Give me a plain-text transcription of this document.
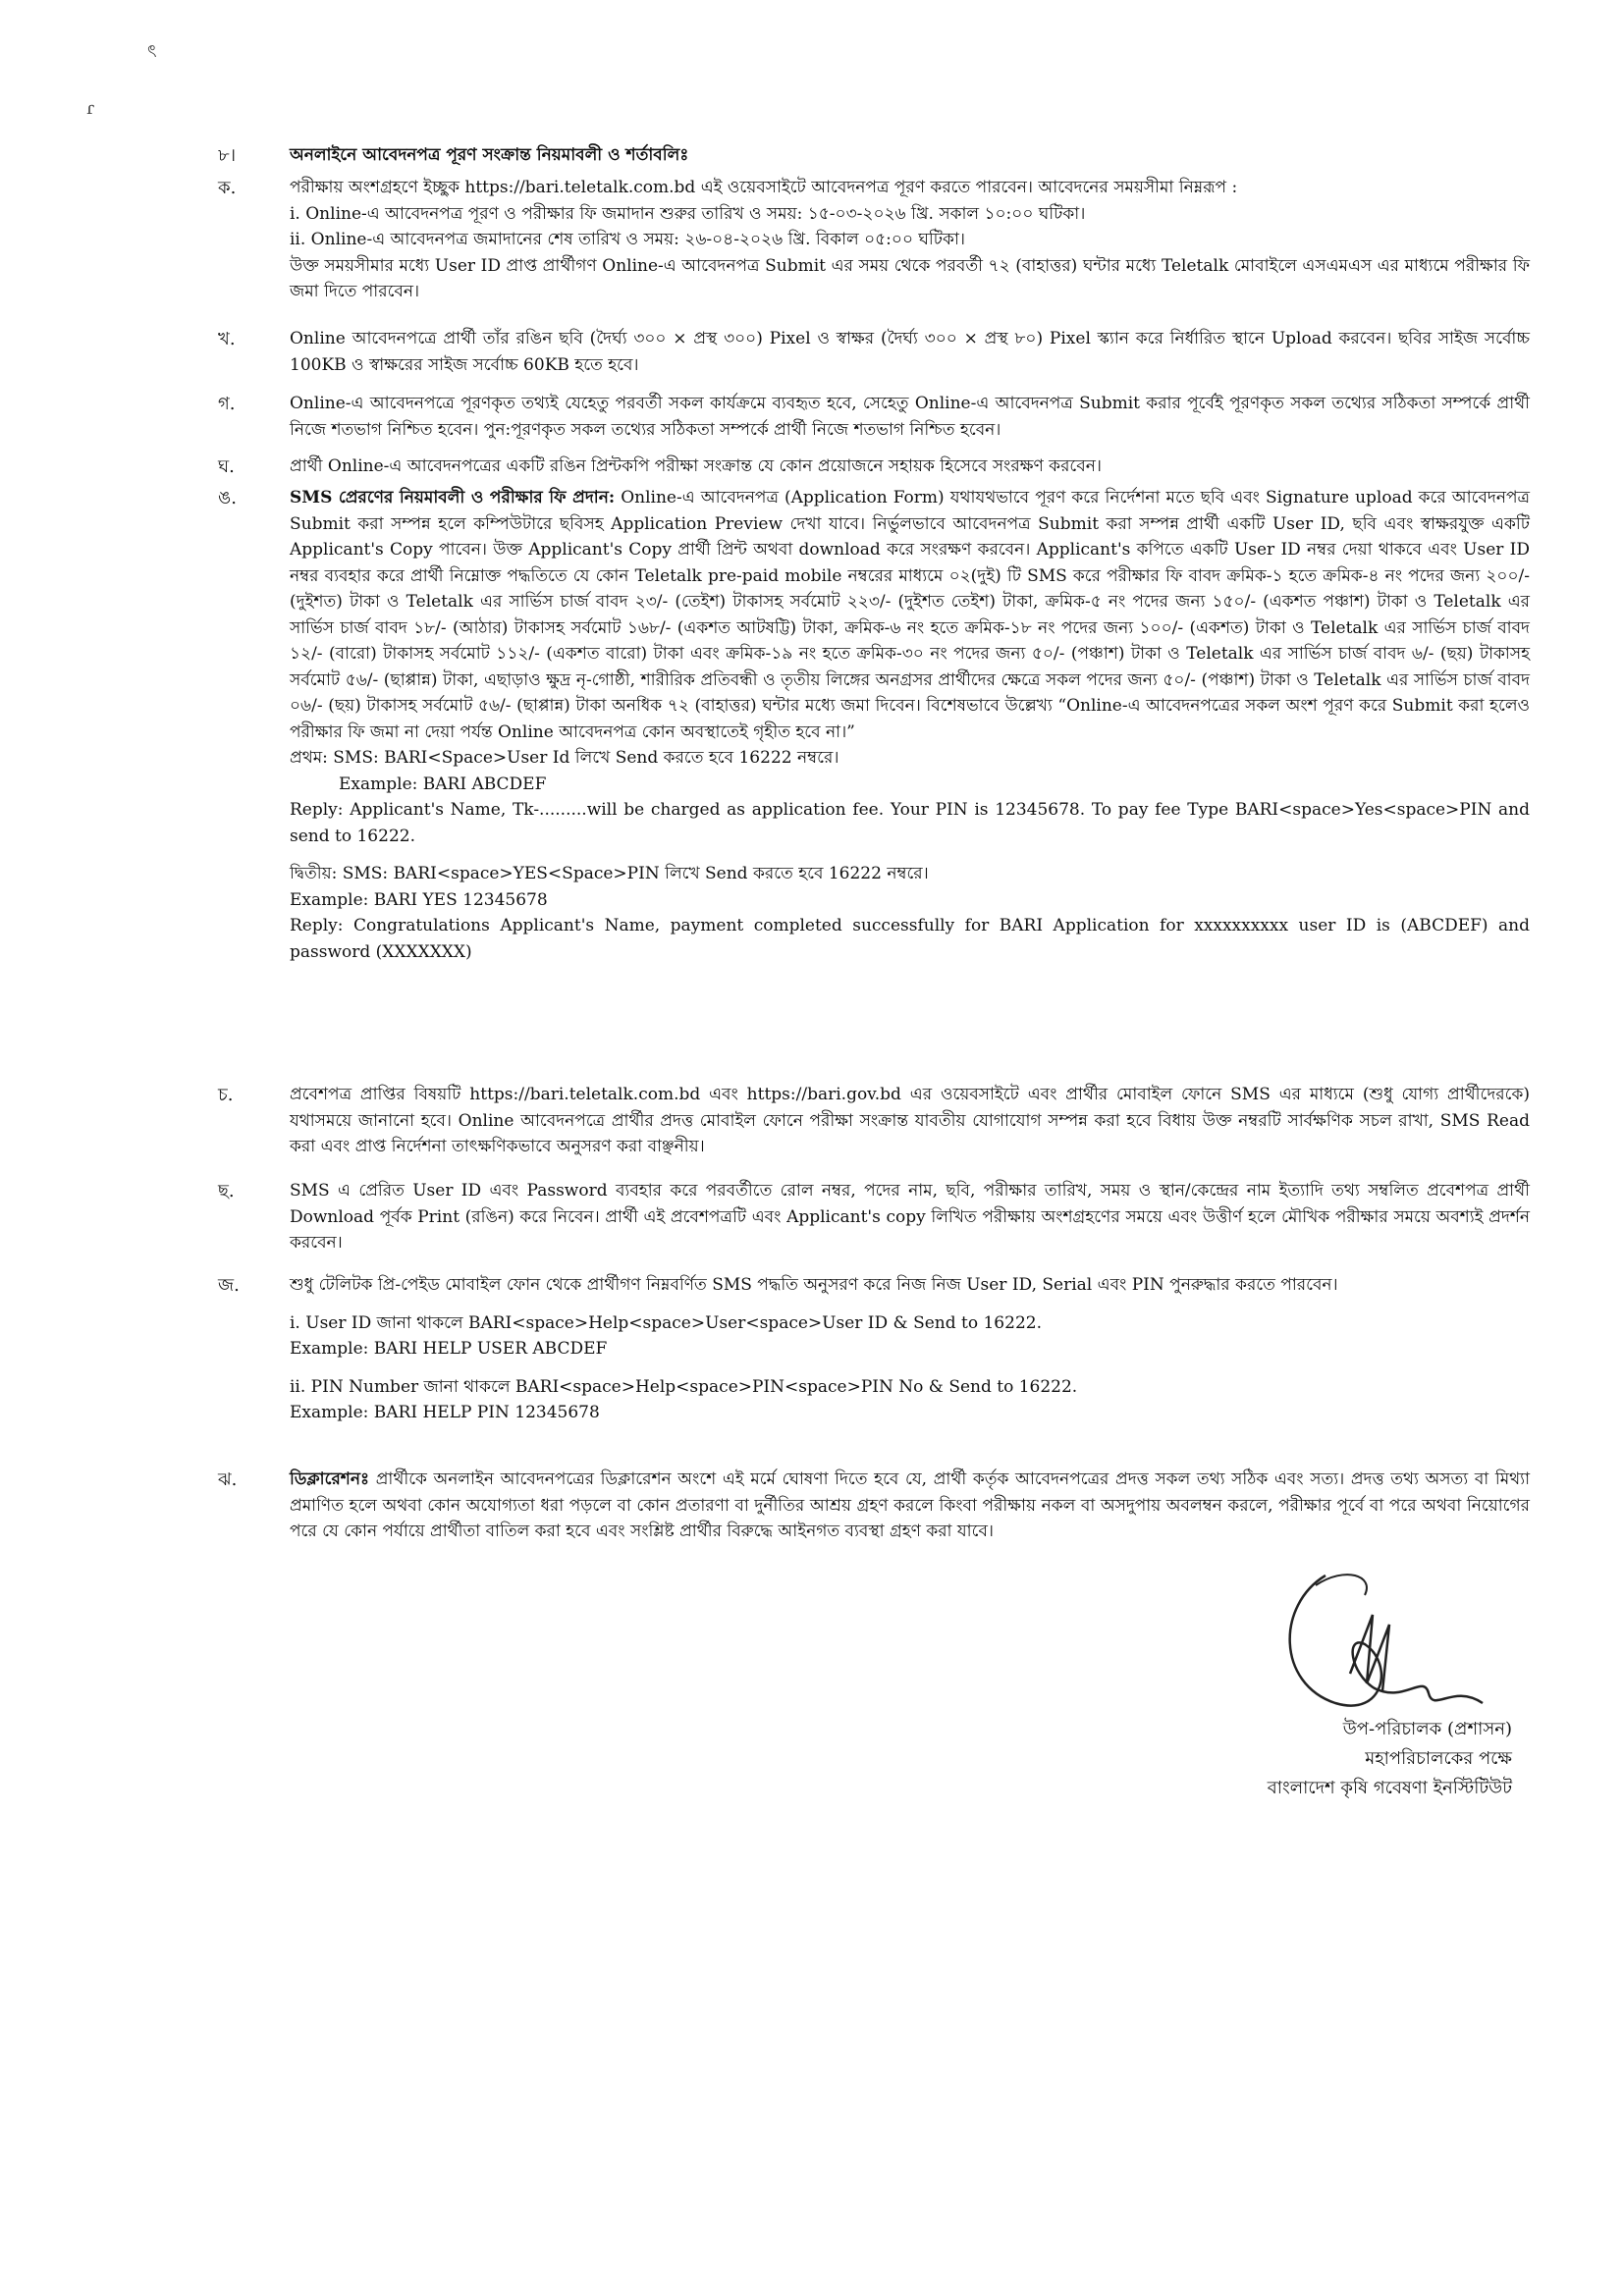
ৎ
ɾ
৮।	অনলাইনে আবেদনপত্র পূরণ সংক্রান্ত নিয়মাবলী ও শর্তাবলিঃ
ক.	পরীক্ষায় অংশগ্রহণে ইচ্ছুক https://bari.teletalk.com.bd এই ওয়েবসাইটে আবেদনপত্র পূরণ করতে পারবেন। আবেদনের সময়সীমা নিম্নরূপ :

i. Online-এ আবেদনপত্র পূরণ ও পরীক্ষার ফি জমাদান শুরুর তারিখ ও সময়: ১৫-০৩-২০২৬ খ্রি. সকাল ১০:০০ ঘটিকা।

ii. Online-এ আবেদনপত্র জমাদানের শেষ তারিখ ও সময়: ২৬-০৪-২০২৬ খ্রি. বিকাল ০৫:০০ ঘটিকা।

উক্ত সময়সীমার মধ্যে User ID প্রাপ্ত প্রার্থীগণ Online-এ আবেদনপত্র Submit এর সময় থেকে পরবর্তী ৭২ (বাহাত্তর) ঘন্টার মধ্যে Teletalk মোবাইলে এসএমএস এর মাধ্যমে পরীক্ষার ফি জমা দিতে পারবেন।

খ.	Online আবেদনপত্রে প্রার্থী তাঁর রঙিন ছবি (দৈর্ঘ্য ৩০০ × প্রস্থ ৩০০) Pixel ও স্বাক্ষর (দৈর্ঘ্য ৩০০ × প্রস্থ ৮০) Pixel স্ক্যান করে নির্ধারিত স্থানে Upload করবেন। ছবির সাইজ সর্বোচ্চ 100KB ও স্বাক্ষরের সাইজ সর্বোচ্চ 60KB হতে হবে।
গ.	Online-এ আবেদনপত্রে পূরণকৃত তথ্যই যেহেতু পরবর্তী সকল কার্যক্রমে ব্যবহৃত হবে, সেহেতু Online-এ আবেদনপত্র Submit করার পূর্বেই পূরণকৃত সকল তথ্যের সঠিকতা সম্পর্কে প্রার্থী নিজে শতভাগ নিশ্চিত হবেন। পুন:পূরণকৃত সকল তথ্যের সঠিকতা সম্পর্কে প্রার্থী নিজে শতভাগ নিশ্চিত হবেন।
ঘ.	প্রার্থী Online-এ আবেদনপত্রের একটি রঙিন প্রিন্টকপি পরীক্ষা সংক্রান্ত যে কোন প্রয়োজনে সহায়ক হিসেবে সংরক্ষণ করবেন।
ঙ.	SMS প্রেরণের নিয়মাবলী ও পরীক্ষার ফি প্রদান: Online-এ আবেদনপত্র (Application Form) যথাযথভাবে পূরণ করে নির্দেশনা মতে ছবি এবং Signature upload করে আবেদনপত্র Submit করা সম্পন্ন হলে কম্পিউটারে ছবিসহ Application Preview দেখা যাবে। নির্ভুলভাবে আবেদনপত্র Submit করা সম্পন্ন প্রার্থী একটি User ID, ছবি এবং স্বাক্ষরযুক্ত একটি Applicant's Copy পাবেন। উক্ত Applicant's Copy প্রার্থী প্রিন্ট অথবা download করে সংরক্ষণ করবেন। Applicant's কপিতে একটি User ID নম্বর দেয়া থাকবে এবং User ID নম্বর ব্যবহার করে প্রার্থী নিম্নোক্ত পদ্ধতিতে যে কোন Teletalk pre-paid mobile নম্বরের মাধ্যমে ০২(দুই) টি SMS করে পরীক্ষার ফি বাবদ ক্রমিক-১ হতে ক্রমিক-৪ নং পদের জন্য ২০০/- (দুইশত) টাকা ও Teletalk এর সার্ভিস চার্জ বাবদ ২৩/- (তেইশ) টাকাসহ সর্বমোট ২২৩/- (দুইশত তেইশ) টাকা, ক্রমিক-৫ নং পদের জন্য ১৫০/- (একশত পঞ্চাশ) টাকা ও Teletalk এর সার্ভিস চার্জ বাবদ ১৮/- (আঠার) টাকাসহ সর্বমোট ১৬৮/- (একশত আটষট্টি) টাকা, ক্রমিক-৬ নং হতে ক্রমিক-১৮ নং পদের জন্য ১০০/- (একশত) টাকা ও Teletalk এর সার্ভিস চার্জ বাবদ ১২/- (বারো) টাকাসহ সর্বমোট ১১২/- (একশত বারো) টাকা এবং ক্রমিক-১৯ নং হতে ক্রমিক-৩০ নং পদের জন্য ৫০/- (পঞ্চাশ) টাকা ও Teletalk এর সার্ভিস চার্জ বাবদ ৬/- (ছয়) টাকাসহ সর্বমোট ৫৬/- (ছাপ্পান্ন) টাকা, এছাড়াও ক্ষুদ্র নৃ-গোষ্ঠী, শারীরিক প্রতিবন্ধী ও তৃতীয় লিঙ্গের অনগ্রসর প্রার্থীদের ক্ষেত্রে সকল পদের জন্য ৫০/- (পঞ্চাশ) টাকা ও Teletalk এর সার্ভিস চার্জ বাবদ ০৬/- (ছয়) টাকাসহ সর্বমোট ৫৬/- (ছাপ্পান্ন) টাকা অনধিক ৭২ (বাহাত্তর) ঘন্টার মধ্যে জমা দিবেন। বিশেষভাবে উল্লেখ্য “Online-এ আবেদনপত্রের সকল অংশ পূরণ করে Submit করা হলেও পরীক্ষার ফি জমা না দেয়া পর্যন্ত Online আবেদনপত্র কোন অবস্থাতেই গৃহীত হবে না।”

প্রথম: SMS: BARI<Space>User Id লিখে Send করতে হবে 16222 নম্বরে।

Example: BARI ABCDEF

Reply: Applicant's Name, Tk-.........will be charged as application fee. Your PIN is 12345678. To pay fee Type BARI<space>Yes<space>PIN and send to 16222.

দ্বিতীয়: SMS: BARI<space>YES<Space>PIN লিখে Send করতে হবে 16222 নম্বরে।

Example: BARI YES 12345678

Reply: Congratulations Applicant's Name, payment completed successfully for BARI Application for xxxxxxxxxx user ID is (ABCDEF) and password (XXXXXXX)

চ.	প্রবেশপত্র প্রাপ্তির বিষয়টি https://bari.teletalk.com.bd এবং https://bari.gov.bd এর ওয়েবসাইটে এবং প্রার্থীর মোবাইল ফোনে SMS এর মাধ্যমে (শুধু যোগ্য প্রার্থীদেরকে) যথাসময়ে জানানো হবে। Online আবেদনপত্রে প্রার্থীর প্রদত্ত মোবাইল ফোনে পরীক্ষা সংক্রান্ত যাবতীয় যোগাযোগ সম্পন্ন করা হবে বিধায় উক্ত নম্বরটি সার্বক্ষণিক সচল রাখা, SMS Read করা এবং প্রাপ্ত নির্দেশনা তাৎক্ষণিকভাবে অনুসরণ করা বাঞ্ছনীয়।
ছ.	SMS এ প্রেরিত User ID এবং Password ব্যবহার করে পরবর্তীতে রোল নম্বর, পদের নাম, ছবি, পরীক্ষার তারিখ, সময় ও স্থান/কেন্দ্রের নাম ইত্যাদি তথ্য সম্বলিত প্রবেশপত্র প্রার্থী Download পূর্বক Print (রঙিন) করে নিবেন। প্রার্থী এই প্রবেশপত্রটি এবং Applicant's copy লিখিত পরীক্ষায় অংশগ্রহণের সময়ে এবং উত্তীর্ণ হলে মৌখিক পরীক্ষার সময়ে অবশ্যই প্রদর্শন করবেন।
জ.	শুধু টেলিটক প্রি-পেইড মোবাইল ফোন থেকে প্রার্থীগণ নিম্নবর্ণিত SMS পদ্ধতি অনুসরণ করে নিজ নিজ User ID, Serial এবং PIN পুনরুদ্ধার করতে পারবেন।

i. User ID জানা থাকলে BARI<space>Help<space>User<space>User ID & Send to 16222.

Example: BARI HELP USER ABCDEF

ii. PIN Number জানা থাকলে BARI<space>Help<space>PIN<space>PIN No & Send to 16222.

Example: BARI HELP PIN 12345678

ঝ.	ডিক্লারেশনঃ প্রার্থীকে অনলাইন আবেদনপত্রের ডিক্লারেশন অংশে এই মর্মে ঘোষণা দিতে হবে যে, প্রার্থী কর্তৃক আবেদনপত্রের প্রদত্ত সকল তথ্য সঠিক এবং সত্য। প্রদত্ত তথ্য অসত্য বা মিথ্যা প্রমাণিত হলে অথবা কোন অযোগ্যতা ধরা পড়লে বা কোন প্রতারণা বা দুর্নীতির আশ্রয় গ্রহণ করলে কিংবা পরীক্ষায় নকল বা অসদুপায় অবলম্বন করলে, পরীক্ষার পূর্বে বা পরে অথবা নিয়োগের পরে যে কোন পর্যায়ে প্রার্থীতা বাতিল করা হবে এবং সংশ্লিষ্ট প্রার্থীর বিরুদ্ধে আইনগত ব্যবস্থা গ্রহণ করা যাবে।
উপ-পরিচালক (প্রশাসন)
মহাপরিচালকের পক্ষে
বাংলাদেশ কৃষি গবেষণা ইনস্টিটিউট
